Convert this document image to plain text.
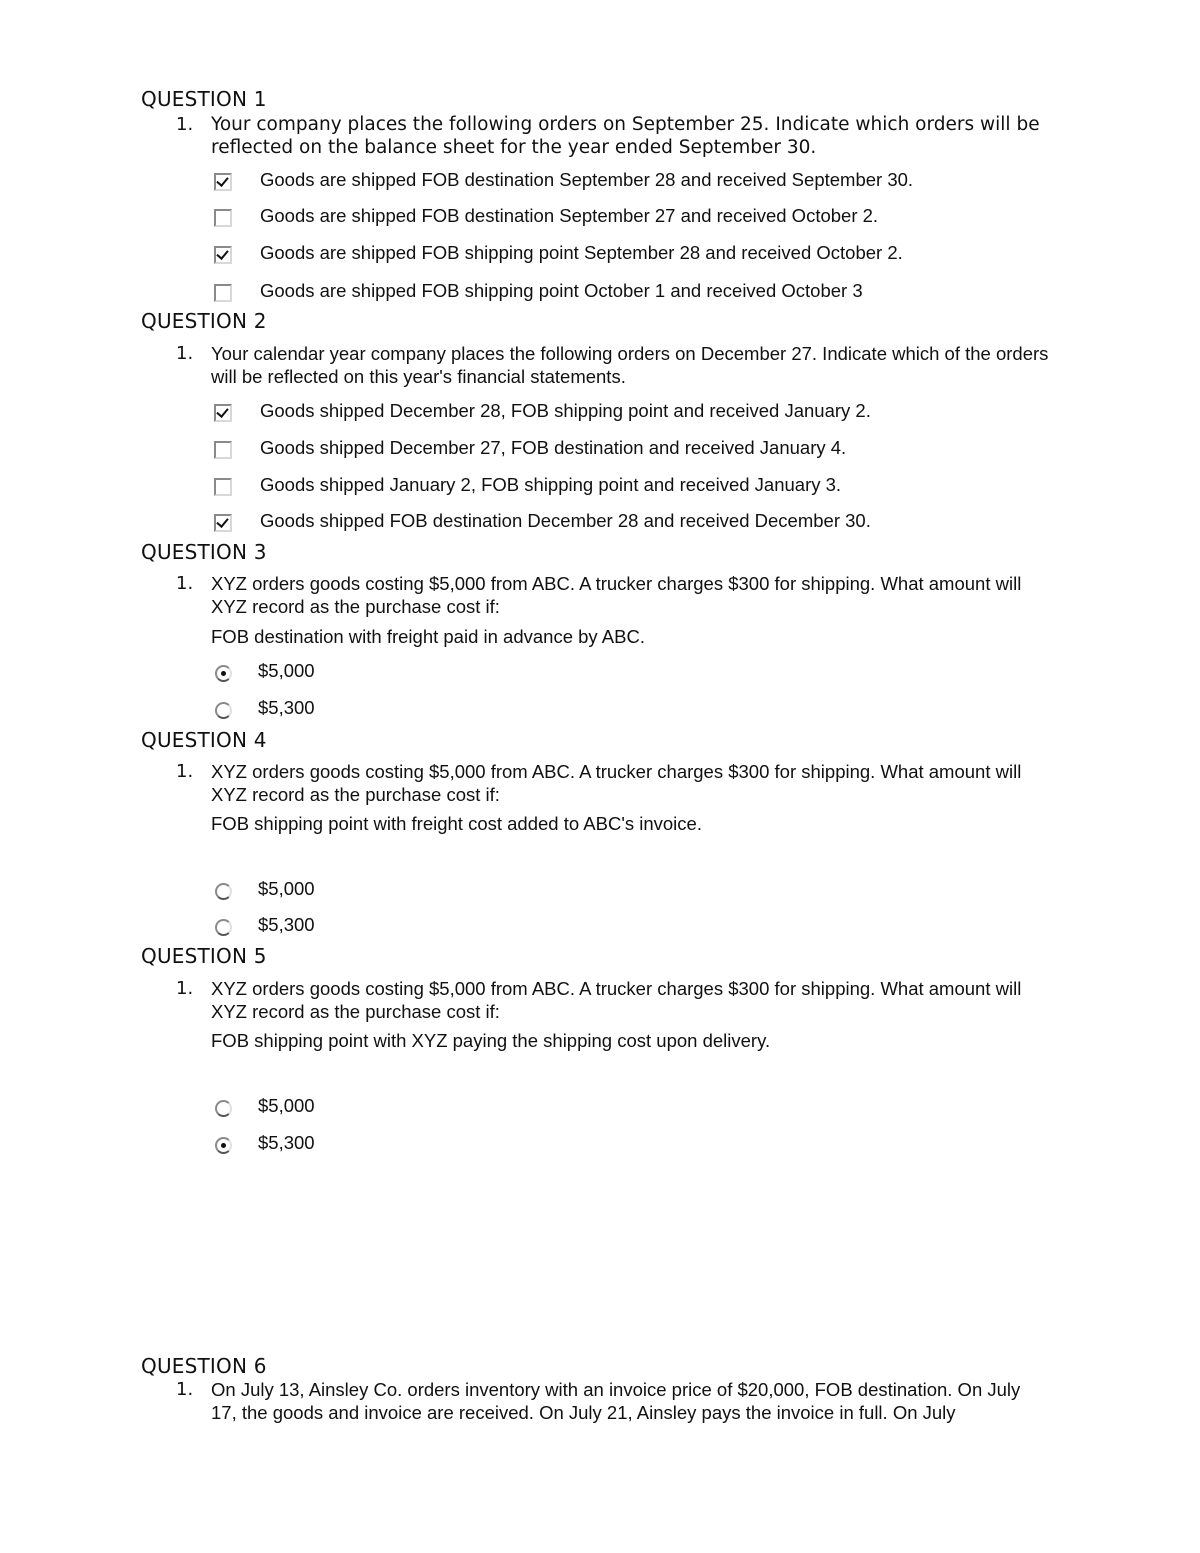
QUESTION 1
1. Your company places the following orders on September 25. Indicate which orders will be reflected on the balance sheet for the year ended September 30.
Goods are shipped FOB destination September 28 and received September 30.
Goods are shipped FOB destination September 27 and received October 2.
Goods are shipped FOB shipping point September 28 and received October 2.
Goods are shipped FOB shipping point October 1 and received October 3
QUESTION 2
1. Your calendar year company places the following orders on December 27. Indicate which of the orders will be reflected on this year's financial statements.
Goods shipped December 28, FOB shipping point and received January 2.
Goods shipped December 27, FOB destination and received January 4.
Goods shipped January 2, FOB shipping point and received January 3.
Goods shipped FOB destination December 28 and received December 30.
QUESTION 3
1. XYZ orders goods costing $5,000 from ABC. A trucker charges $300 for shipping. What amount will XYZ record as the purchase cost if:
FOB destination with freight paid in advance by ABC.
$5,000
$5,300
QUESTION 4
1. XYZ orders goods costing $5,000 from ABC. A trucker charges $300 for shipping. What amount will XYZ record as the purchase cost if:
FOB shipping point with freight cost added to ABC's invoice.
$5,000
$5,300
QUESTION 5
1. XYZ orders goods costing $5,000 from ABC. A trucker charges $300 for shipping. What amount will XYZ record as the purchase cost if:
FOB shipping point with XYZ paying the shipping cost upon delivery.
$5,000
$5,300
QUESTION 6
1. On July 13, Ainsley Co. orders inventory with an invoice price of $20,000, FOB destination. On July 17, the goods and invoice are received. On July 21, Ainsley pays the invoice in full. On July
